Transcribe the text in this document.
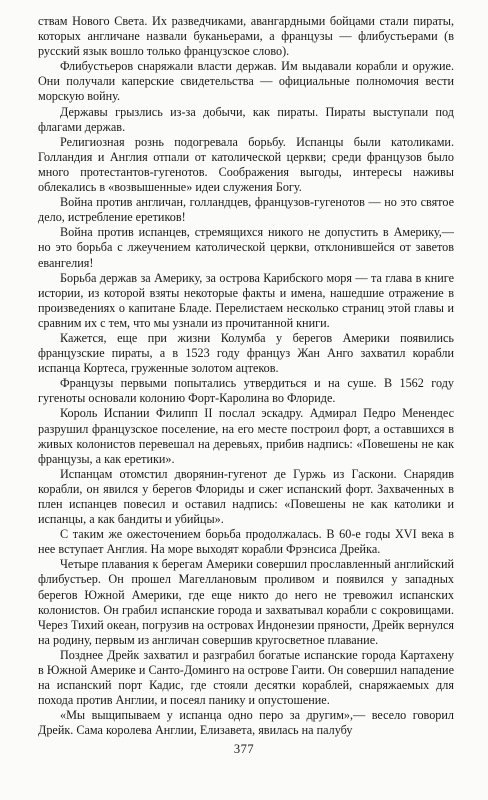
ствам Нового Света. Их разведчиками, авангардными бойцами стали пираты, которых англичане назвали буканьерами, а французы — флибустьерами (в русский язык вошло только французское слово).

Флибустьеров снаряжали власти держав. Им выдавали корабли и оружие. Они получали каперские свидетельства — официальные полномочия вести морскую войну.

Державы грызлись из-за добычи, как пираты. Пираты выступали под флагами держав.

Религиозная рознь подогревала борьбу. Испанцы были католиками. Голландия и Англия отпали от католической церкви; среди французов было много протестантов-гугенотов. Соображения выгоды, интересы наживы облекались в «возвышенные» идеи служения Богу.

Война против англичан, голландцев, французов-гугенотов — но это святое дело, истребление еретиков!

Война против испанцев, стремящихся никого не допустить в Америку,— но это борьба с лжеучением католической церкви, отклонившейся от заветов евангелия!

Борьба держав за Америку, за острова Карибского моря — та глава в книге истории, из которой взяты некоторые факты и имена, нашедшие отражение в произведениях о капитане Бладе. Перелистаем несколько страниц этой главы и сравним их с тем, что мы узнали из прочитанной книги.

Кажется, еще при жизни Колумба у берегов Америки появились французские пираты, а в 1523 году француз Жан Анго захватил корабли испанца Кортеса, груженные золотом ацтеков.

Французы первыми попытались утвердиться и на суше. В 1562 году гугеноты основали колонию Форт-Каролина во Флориде.

Король Испании Филипп II послал эскадру. Адмирал Педро Менендес разрушил французское поселение, на его месте построил форт, а оставшихся в живых колонистов перевешал на деревьях, прибив надпись: «Повешены не как французы, а как еретики».

Испанцам отомстил дворянин-гугенот де Гуржь из Гаскони. Снарядив корабли, он явился у берегов Флориды и сжег испанский форт. Захваченных в плен испанцев повесил и оставил надпись: «Повешены не как католики и испанцы, а как бандиты и убийцы».

С таким же ожесточением борьба продолжалась. В 60-е годы XVI века в нее вступает Англия. На море выходят корабли Фрэнсиса Дрейка.

Четыре плавания к берегам Америки совершил прославленный английский флибустьер. Он прошел Магеллановым проливом и появился у западных берегов Южной Америки, где еще никто до него не тревожил испанских колонистов. Он грабил испанские города и захватывал корабли с сокровищами. Через Тихий океан, погрузив на островах Индонезии пряности, Дрейк вернулся на родину, первым из англичан совершив кругосветное плавание.

Позднее Дрейк захватил и разграбил богатые испанские города Картахену в Южной Америке и Санто-Доминго на острове Гаити. Он совершил нападение на испанский порт Кадис, где стояли десятки кораблей, снаряжаемых для похода против Англии, и посеял панику и опустошение.

«Мы выщипываем у испанца одно перо за другим»,— весело говорил Дрейк. Сама королева Англии, Елизавета, явилась на палубу

377
